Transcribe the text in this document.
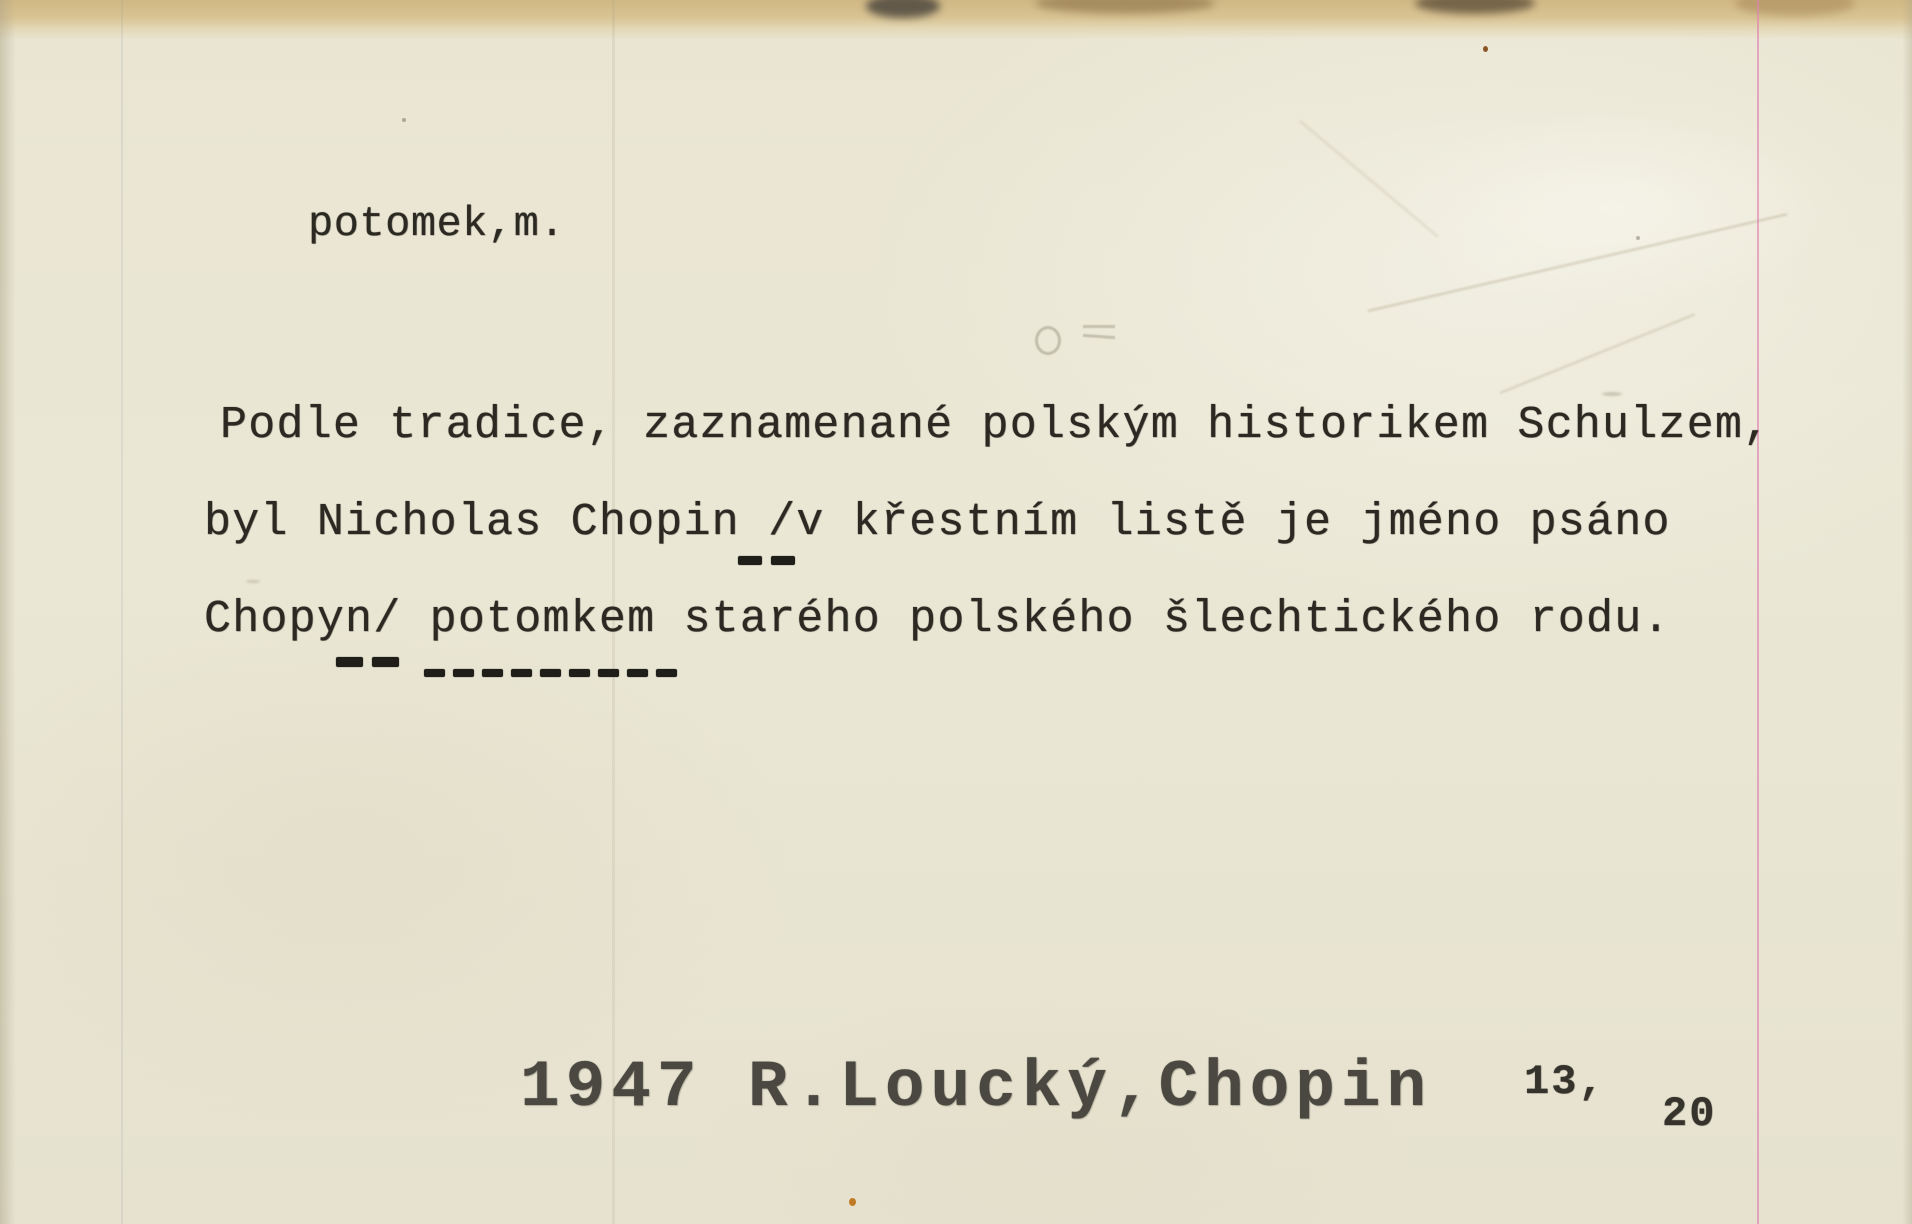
potomek,m.
Podle tradice, zaznamenané polským historikem Schulzem,
byl Nicholas Chopin /v křestním listě je jméno psáno
Chopyn/ potomkem starého polského šlechtického rodu.
1947 R.Loucký,Chopin 13,
20
